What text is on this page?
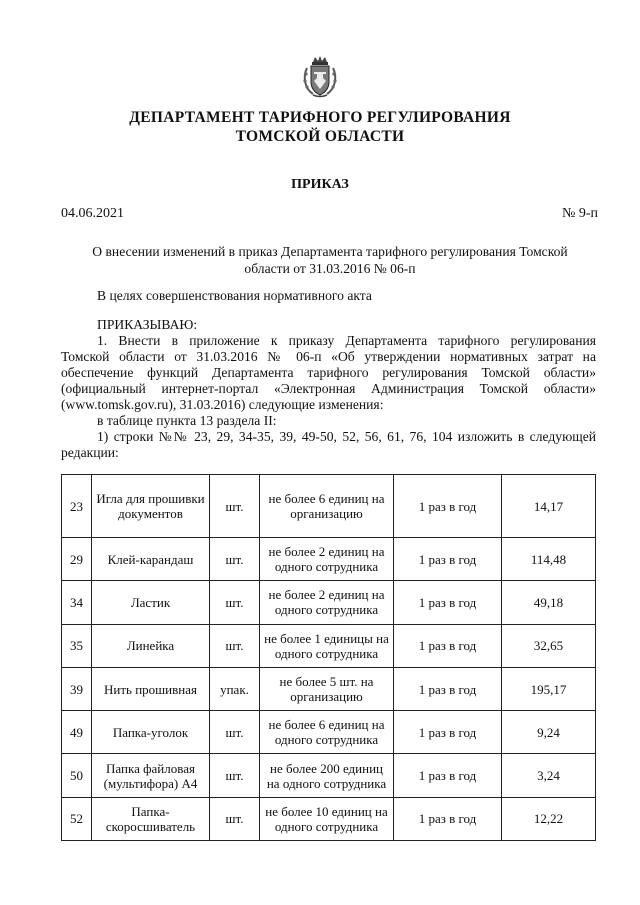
ДЕПАРТАМЕНТ ТАРИФНОГО РЕГУЛИРОВАНИЯ
ТОМСКОЙ ОБЛАСТИ
ПРИКАЗ
04.06.2021	№ 9-п
О внесении изменений в приказ Департамента тарифного регулирования Томской
области от 31.03.2016 № 06-п
В целях совершенствования нормативного акта
ПРИКАЗЫВАЮ:
1. Внести в приложение к приказу Департамента тарифного регулирования
Томской области от 31.03.2016 № 06-п «Об утверждении нормативных затрат на
обеспечение функций Департамента тарифного регулирования Томской области»
(официальный интернет-портал «Электронная Администрация Томской области»
(www.tomsk.gov.ru), 31.03.2016) следующие изменения:
в таблице пункта 13 раздела II:
1) строки №№ 23, 29, 34-35, 39, 49-50, 52, 56, 61, 76, 104 изложить в следующей
редакции:
23	Игла для прошивки документов	шт.	не более 6 единиц на организацию	1 раз в год	14,17
29	Клей-карандаш	шт.	не более 2 единиц на одного сотрудника	1 раз в год	114,48
34	Ластик	шт.	не более 2 единиц на одного сотрудника	1 раз в год	49,18
35	Линейка	шт.	не более 1 единицы на одного сотрудника	1 раз в год	32,65
39	Нить прошивная	упак.	не более 5 шт. на организацию	1 раз в год	195,17
49	Папка-уголок	шт.	не более 6 единиц на одного сотрудника	1 раз в год	9,24
50	Папка файловая (мультифора) А4	шт.	не более 200 единиц на одного сотрудника	1 раз в год	3,24
52	Папка-скоросшиватель	шт.	не более 10 единиц на одного сотрудника	1 раз в год	12,22
